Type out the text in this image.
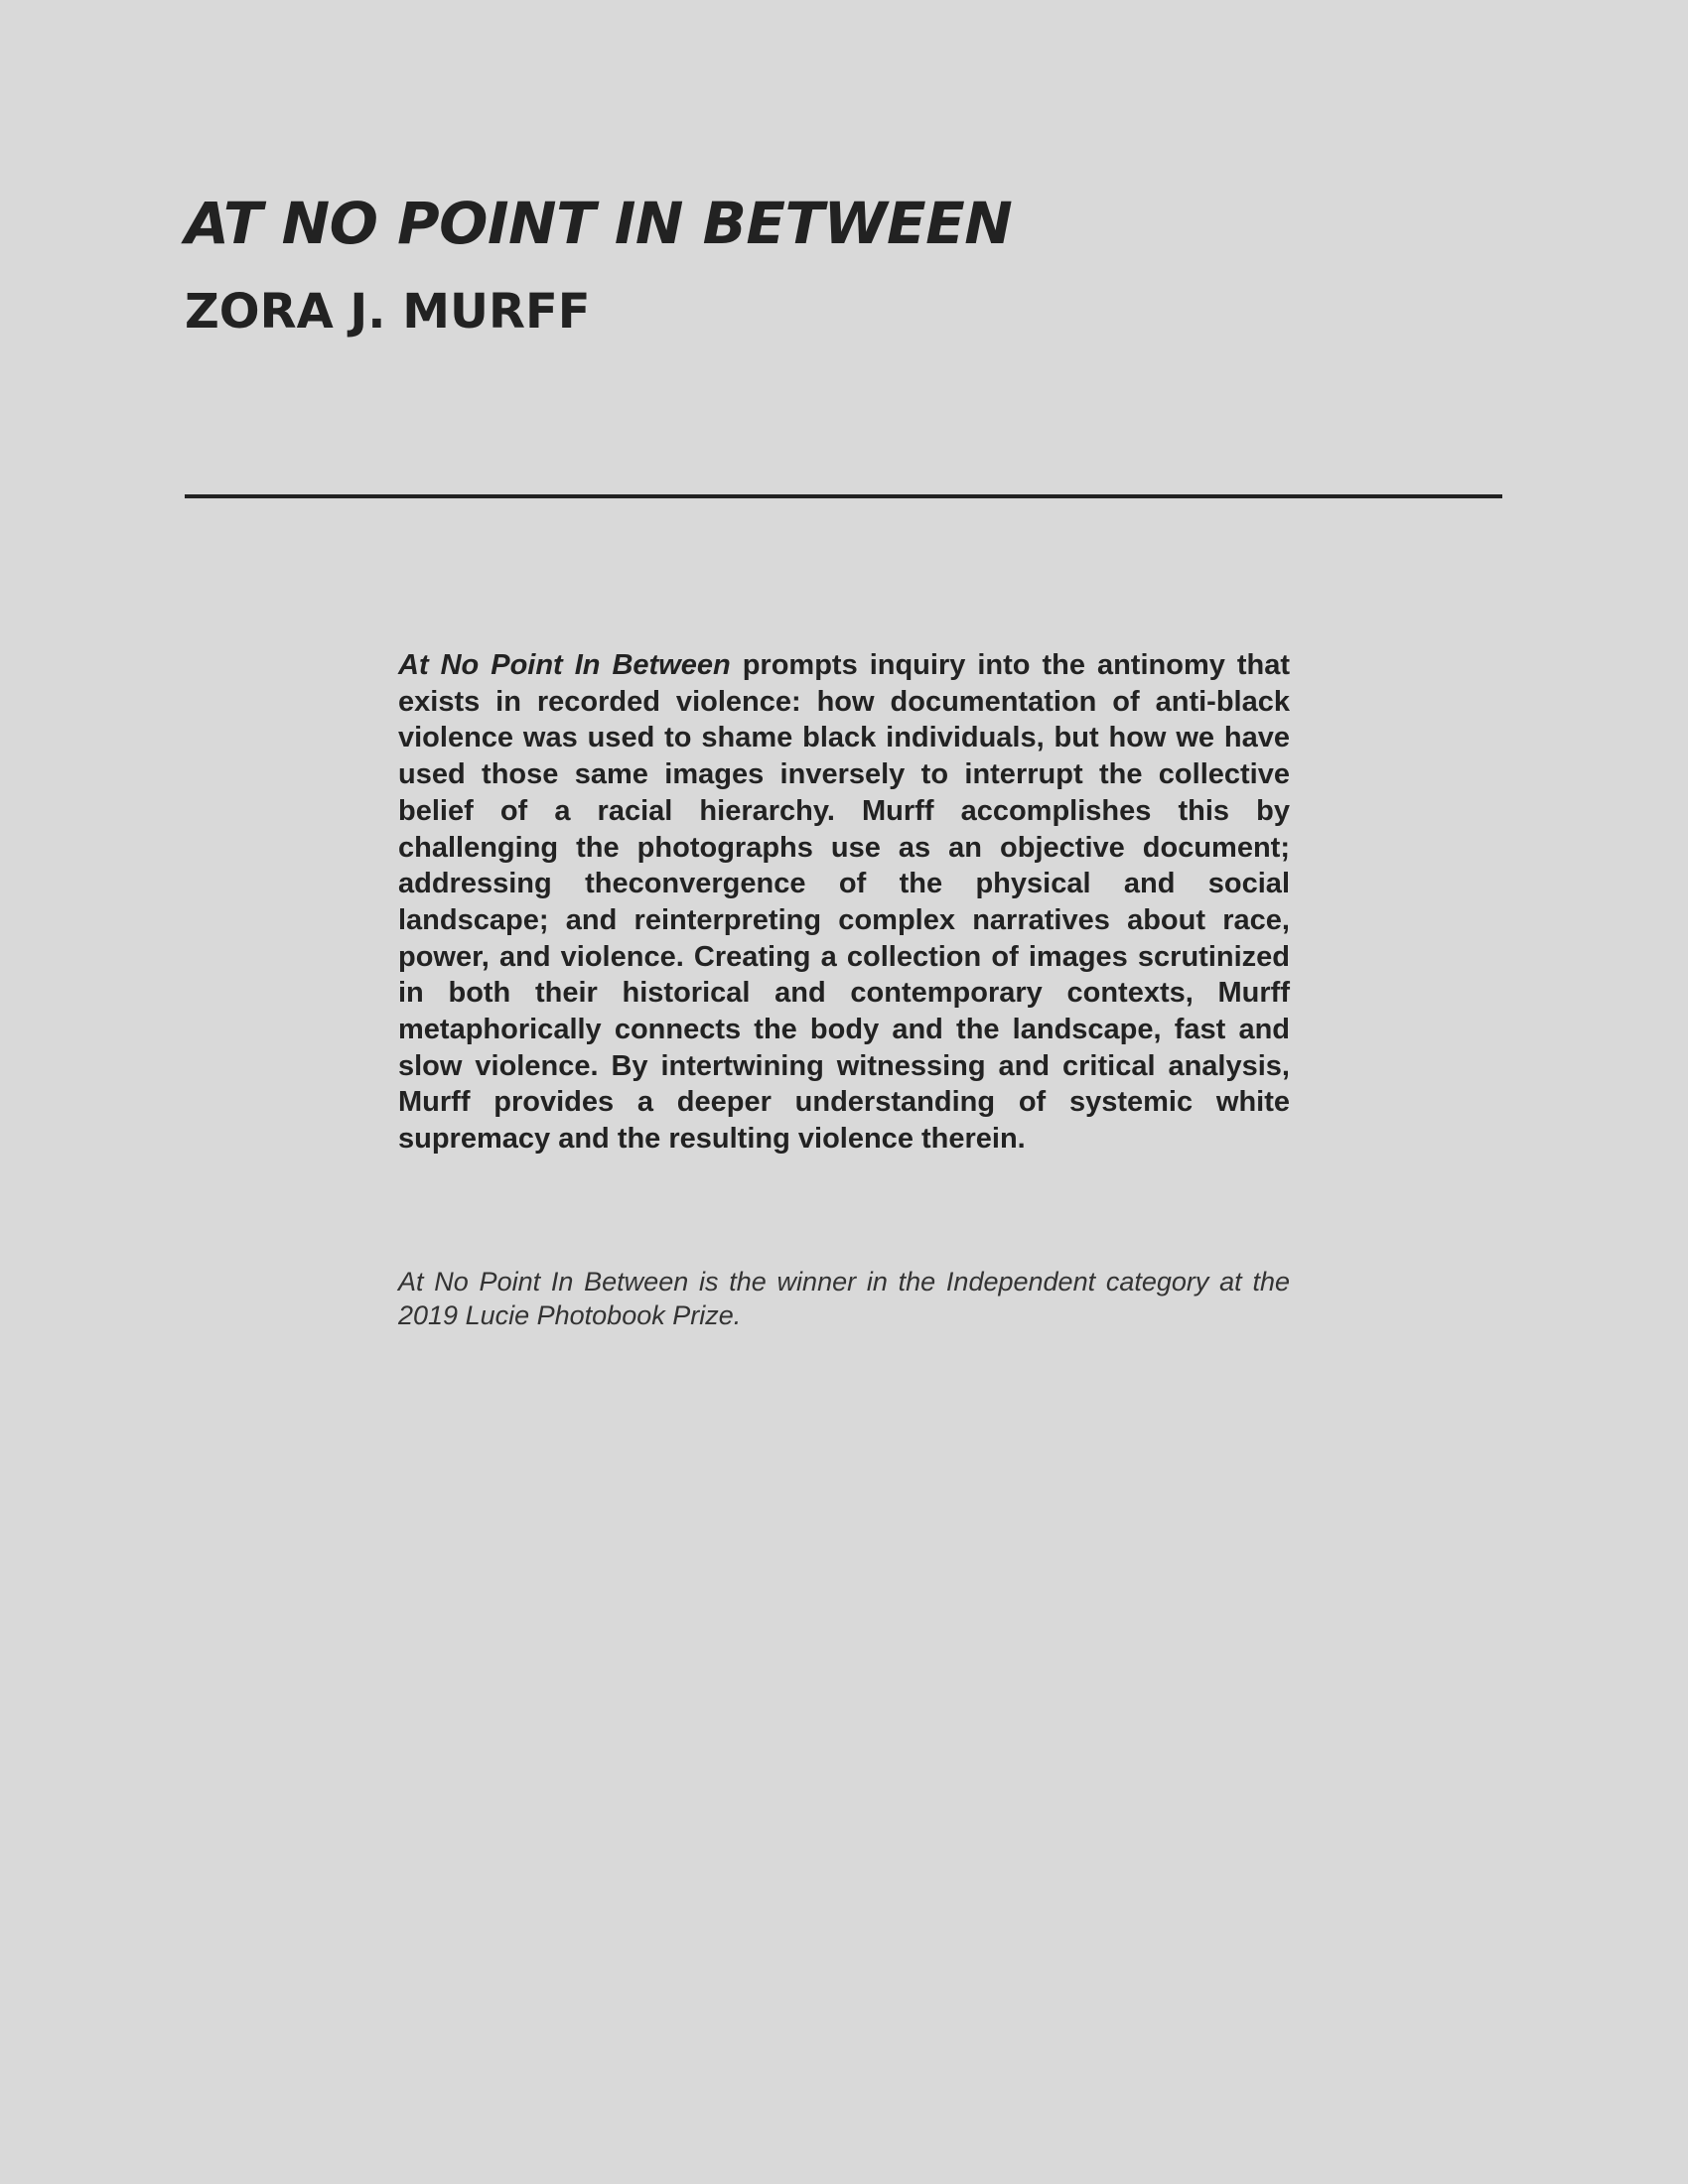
AT NO POINT IN BETWEEN
ZORA J. MURFF

At No Point In Between prompts inquiry into the antinomy that exists in recorded violence: how documentation of anti-black violence was used to shame black individuals, but how we have used those same images inversely to interrupt the collective belief of a racial hierarchy. Murff accomplishes this by challenging the photographs use as an objective document; addressing theconvergence of the physical and social landscape; and reinterpreting complex narratives about race, power, and violence. Creating a collection of images scrutinized in both their historical and contemporary contexts, Murff metaphorically connects the body and the landscape, fast and slow violence. By intertwining witnessing and critical analysis, Murff provides a deeper understanding of systemic white supremacy and the resulting violence therein.

At No Point In Between is the winner in the Independent category at the 2019 Lucie Photobook Prize.
